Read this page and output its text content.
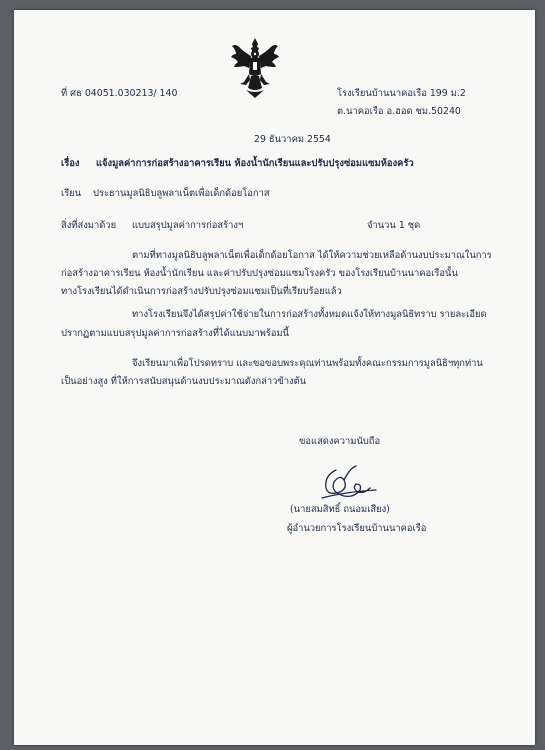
ที่ ศธ 04051.030213/ 140	โรงเรียนบ้านนาคอเรือ 199 ม.2
ต.นาคอเรือ อ.ฮอด ชม.50240
29 ธันวาคม 2554
เรื่อง แจ้งมูลค่าการก่อสร้างอาคารเรียน ห้องน้ำนักเรียนและปรับปรุงซ่อมแซมห้องครัว
เรียน ประธานมูลนิธิบลูพลาเน็ตเพื่อเด็กด้อยโอกาส
สิ่งที่ส่งมาด้วย แบบสรุปมูลค่าการก่อสร้างฯ	จำนวน 1 ชุด
ตามที่ทางมูลนิธิบลูพลาเน็ตเพื่อเด็กด้อยโอกาส ได้ให้ความช่วยเหลือด้านงบประมาณในการ
ก่อสร้างอาคารเรียน ห้องน้ำนักเรียน และค่าปรับปรุงซ่อมแซมโรงครัว ของโรงเรียนบ้านนาคอเรือนั้น
ทางโรงเรียนได้ดำเนินการก่อสร้างปรับปรุงซ่อมแซมเป็นที่เรียบร้อยแล้ว
ทางโรงเรียนจึงได้สรุปค่าใช้จ่ายในการก่อสร้างทั้งหมดแจ้งให้ทางมูลนิธิทราบ รายละเอียด
ปรากฏตามแบบสรุปมูลค่าการก่อสร้างที่ได้แนบมาพร้อมนี้
จึงเรียนมาเพื่อโปรดทราบ และขอขอบพระคุณท่านพร้อมทั้งคณะกรรมการมูลนิธิฯทุกท่าน
เป็นอย่างสูง ที่ให้การสนับสนุนด้านงบประมาณดังกล่าวข้างต้น
ขอแสดงความนับถือ
(นายสมสิทธิ์ ถนอมเสียง)
ผู้อำนวยการโรงเรียนบ้านนาคอเรือ
